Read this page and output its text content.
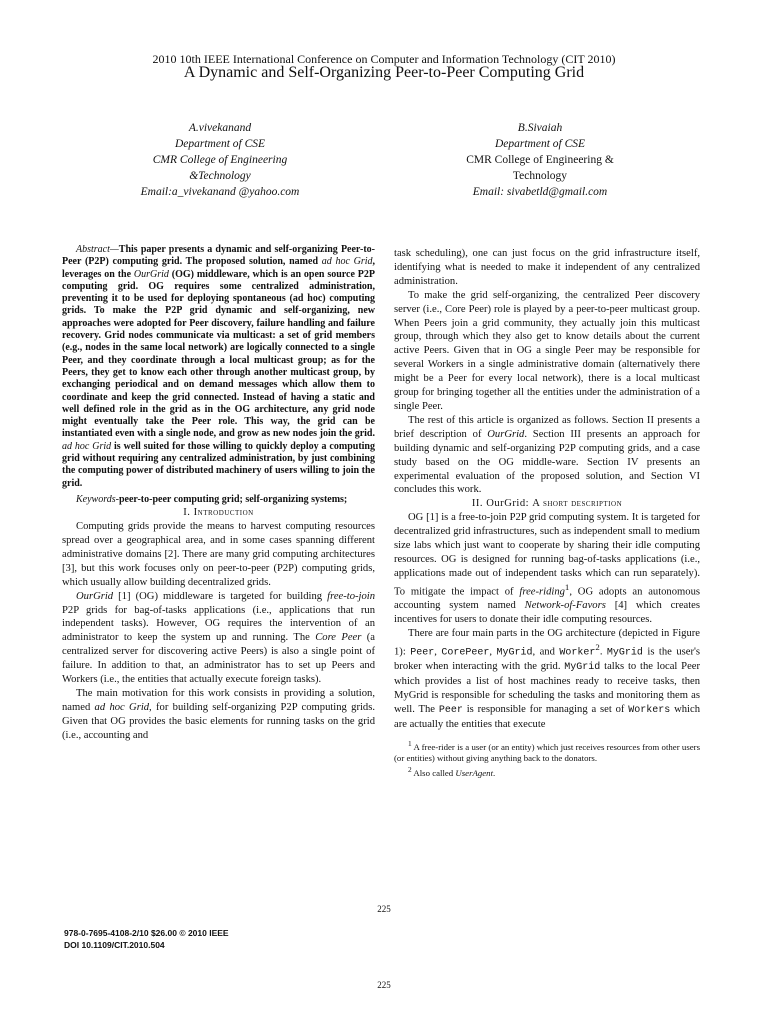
2010 10th IEEE International Conference on Computer and Information Technology (CIT 2010)
A Dynamic and Self-Organizing Peer-to-Peer Computing Grid
A.vivekanand
Department of CSE
CMR College of Engineering
&Technology
Email:a_vivekanand @yahoo.com
B.Sivaiah
Department of CSE
CMR College of Engineering &
Technology
Email: sivabetld@gmail.com

Abstract—This paper presents a dynamic and self-organizing Peer-to-Peer (P2P) computing grid. The proposed solution, named ad hoc Grid, leverages on the OurGrid (OG) middleware, which is an open source P2P computing grid. OG requires some centralized administration, preventing it to be used for deploying spontaneous (ad hoc) computing grids. To make the P2P grid dynamic and self-organizing, new approaches were adopted for Peer discovery, failure handling and failure recovery. Grid nodes communicate via multicast: a set of grid members (e.g., nodes in the same local network) are logically connected to a single Peer, and they coordinate through a local multicast group; as for the Peers, they get to know each other through another multicast group, by exchanging periodical and on demand messages which allow them to coordinate and keep the grid connected. Instead of having a static and well defined role in the grid as in the OG architecture, any grid node might eventually take the Peer role. This way, the grid can be instantiated even with a single node, and grow as new nodes join the grid. ad hoc Grid is well suited for those willing to quickly deploy a computing grid without requiring any centralized administration, by just combining the computing power of distributed machinery of users willing to join the grid.

Keywords-peer-to-peer computing grid; self-organizing systems;

I. Introduction

Computing grids provide the means to harvest computing resources spread over a geographical area, and in some cases spanning different administrative domains [2]. There are many grid computing architectures [3], but this work focuses only on peer-to-peer (P2P) computing grids, which usually allow building decentralized grids.

OurGrid [1] (OG) middleware is targeted for building free-to-join P2P grids for bag-of-tasks applications (i.e., applications that run independent tasks). However, OG requires the intervention of an administrator to keep the system up and running. The Core Peer (a centralized server for discovering active Peers) is also a single point of failure. In addition to that, an administrator has to set up Peers and Workers (i.e., the entities that actually execute foreign tasks).

The main motivation for this work consists in providing a solution, named ad hoc Grid, for building self-organizing P2P computing grids. Given that OG provides the basic elements for running tasks on the grid (i.e., accounting and

task scheduling), one can just focus on the grid infrastructure itself, identifying what is needed to make it independent of any centralized administration.

To make the grid self-organizing, the centralized Peer discovery server (i.e., Core Peer) role is played by a peer-to-peer multicast group. When Peers join a grid community, they actually join this multicast group, through which they also get to know details about the current active Peers. Given that in OG a single Peer may be responsible for several Workers in a single administrative domain (alternatively there might be a Peer for every local network), there is a local multicast group for bringing together all the entities under the administration of a single Peer.

The rest of this article is organized as follows. Section II presents a brief description of OurGrid. Section III presents an approach for building dynamic and self-organizing P2P computing grids, and a case study based on the OG middle-ware. Section IV presents an experimental evaluation of the proposed solution, and Section VI concludes this work.

II. OurGrid: A short description

OG [1] is a free-to-join P2P grid computing system. It is targeted for decentralized grid infrastructures, such as independent small to medium size labs which just want to cooperate by sharing their idle computing resources. OG is designed for running bag-of-tasks applications (i.e., applications made out of independent tasks which can run separately). To mitigate the impact of free-riding$^1$, OG adopts an autonomous accounting system named Network-of-Favors [4] which creates incentives for users to donate their idle computing resources.

There are four main parts in the OG architecture (depicted in Figure 1): Peer, CorePeer, MyGrid, and Worker$^2$. MyGrid is the user's broker when interacting with the grid. MyGrid talks to the local Peer which provides a list of host machines ready to receive tasks, then MyGrid is responsible for scheduling the tasks and monitoring them as well. The Peer is responsible for managing a set of Workers which are actually the entities that execute

$^1$ A free-rider is a user (or an entity) which just receives resources from other users (or entities) without giving anything back to the donators.

$^2$ Also called UserAgent.

225
978-0-7695-4108-2/10 $26.00 © 2010 IEEE
DOI 10.1109/CIT.2010.504
225
